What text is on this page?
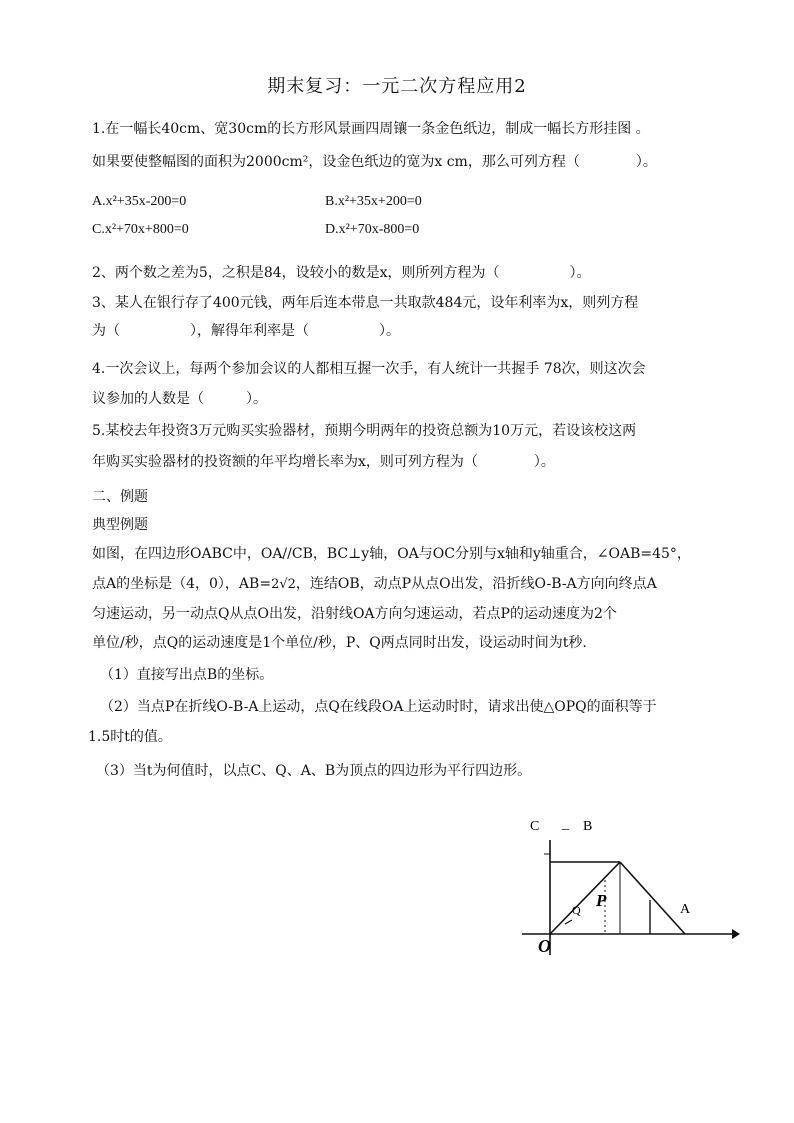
期末复习：一元二次方程应用2
1.在一幅长40cm、宽30cm的长方形风景画四周镶一条金色纸边，制成一幅长方形挂图 。
如果要使整幅图的面积为2000cm²，设金色纸边的宽为x cm，那么可列方程（　　　　）。
A.x²+35x-200=0	B.x²+35x+200=0
C.x²+70x+800=0	D.x²+70x-800=0
2、两个数之差为5，之积是84，设较小的数是x，则所列方程为（　　　　　）。
3、某人在银行存了400元钱，两年后连本带息一共取款484元，设年利率为x，则列方程
为（　　　　　），解得年利率是（　　　　　）。
4.一次会议上，每两个参加会议的人都相互握一次手，有人统计一共握手 78次，则这次会
议参加的人数是（　　　）。
5.某校去年投资3万元购买实验器材，预期今明两年的投资总额为10万元，若设该校这两
年购买实验器材的投资额的年平均增长率为x，则可列方程为（　　　　）。
二、例题
典型例题
如图，在四边形OABC中，OA//CB，BC⊥y轴，OA与OC分别与x轴和y轴重合，∠OAB=45°，
点A的坐标是（4，0），AB=2√2，连结OB，动点P从点O出发，沿折线O-B-A方向向终点A
匀速运动，另一动点Q从点O出发，沿射线OA方向匀速运动，若点P的运动速度为2个
单位/秒，点Q的运动速度是1个单位/秒，P、Q两点同时出发，设运动时间为t秒.
（1）直接写出点B的坐标。
（2）当点P在折线O-B-A上运动，点Q在线段OA上运动时时，请求出使△OPQ的面积等于
1.5时t的值。
（3）当t为何值时，以点C、Q、A、B为顶点的四边形为平行四边形。
C _ B
A
O
Q P
